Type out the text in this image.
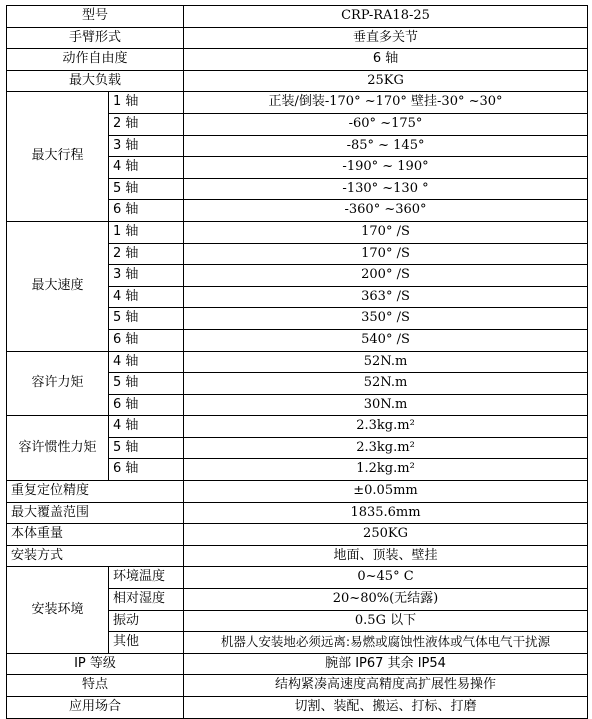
型号		CRP-RA18-25
手臂形式		垂直多关节
动作自由度		6 轴
最大负载		25KG
最大行程	1 轴	正装/倒装-170° ~170° 壁挂-30° ~30°
	2 轴	-60° ~175°
	3 轴	-85° ~ 145°
	4 轴	-190° ~ 190°
	5 轴	-130° ~130 °
	6 轴	-360° ~360°
最大速度	1 轴	170° /S
	2 轴	170° /S
	3 轴	200° /S
	4 轴	363° /S
	5 轴	350° /S
	6 轴	540° /S
容许力矩	4 轴	52N.m
	5 轴	52N.m
	6 轴	30N.m
容许惯性力矩	4 轴	2.3kg.m²
	5 轴	2.3kg.m²
	6 轴	1.2kg.m²
重复定位精度		±0.05mm
最大覆盖范围		1835.6mm
本体重量		250KG
安装方式		地面、顶装、壁挂
安装环境	环境温度	0~45° C
	相对湿度	20~80%(无结露)
	振动	0.5G 以下
	其他	机器人安装地必须远离:易燃或腐蚀性液体或气体电气干扰源
IP 等级		腕部 IP67 其余 IP54
特点		结构紧凑高速度高精度高扩展性易操作
应用场合		切割、装配、搬运、打标、打磨
